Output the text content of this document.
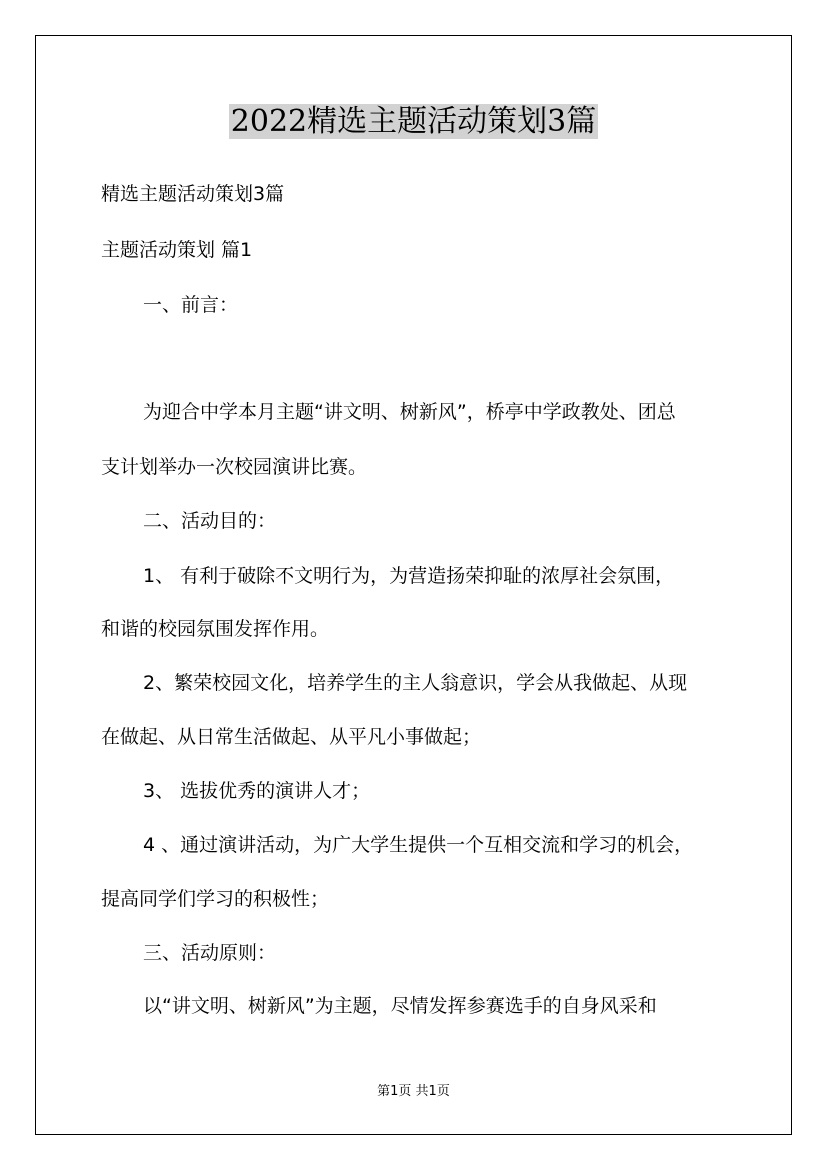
2022精选主题活动策划3篇
精选主题活动策划3篇
主题活动策划 篇1
一、前言：
为迎合中学本月主题“讲文明、树新风”，桥亭中学政教处、团总
支计划举办一次校园演讲比赛。
二、活动目的：
1、 有利于破除不文明行为，为营造扬荣抑耻的浓厚社会氛围，
和谐的校园氛围发挥作用。
2、繁荣校园文化，培养学生的主人翁意识，学会从我做起、从现
在做起、从日常生活做起、从平凡小事做起；
3、 选拔优秀的演讲人才；
4 、通过演讲活动，为广大学生提供一个互相交流和学习的机会，
提高同学们学习的积极性；
三、活动原则：
以“讲文明、树新风”为主题，尽情发挥参赛选手的自身风采和
第1页 共1页
